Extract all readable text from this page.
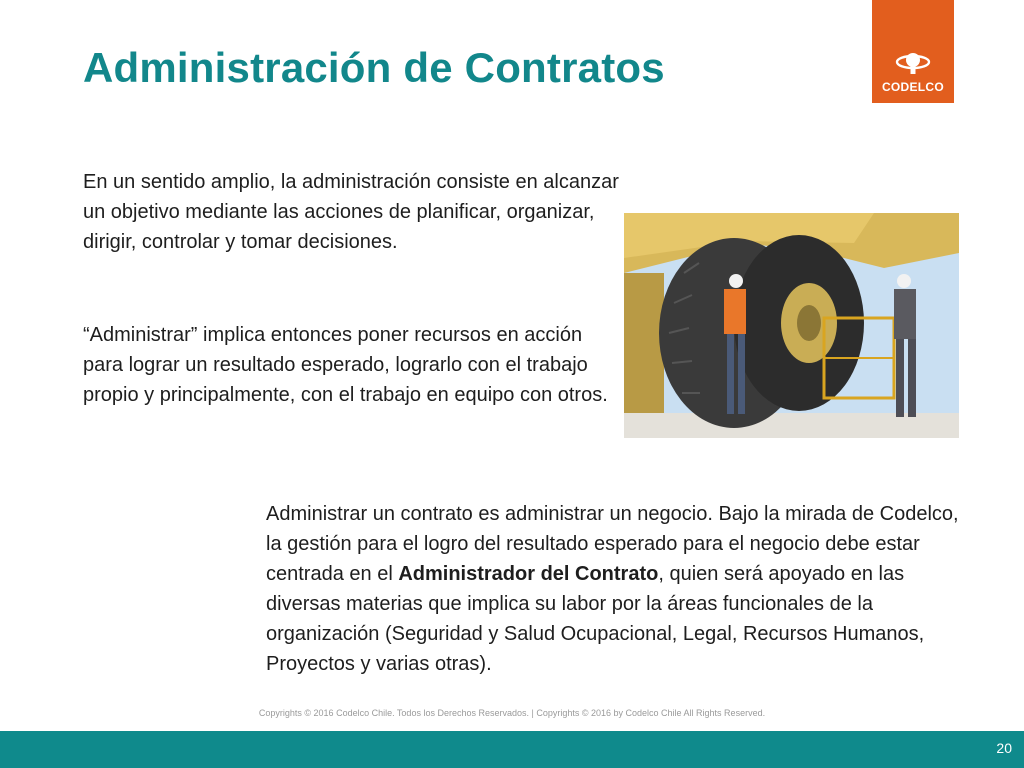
Administración de Contratos	CODELCO

En un sentido amplio, la administración consiste en alcanzar un objetivo mediante las acciones de planificar, organizar, dirigir, controlar y tomar decisiones.

“Administrar” implica entonces poner recursos en acción para lograr un resultado esperado, lograrlo con el trabajo propio y principalmente, con el trabajo en equipo con otros.

Administrar un contrato es administrar un negocio. Bajo la mirada de Codelco, la gestión para el logro del resultado esperado para el negocio debe estar centrada en el Administrador del Contrato, quien será apoyado en las diversas materias que implica su labor por la áreas funcionales de la organización (Seguridad y Salud Ocupacional, Legal, Recursos Humanos, Proyectos y varias otras).

Copyrights © 2016 Codelco Chile. Todos los Derechos Reservados. | Copyrights © 2016 by Codelco Chile All Rights Reserved.
20
